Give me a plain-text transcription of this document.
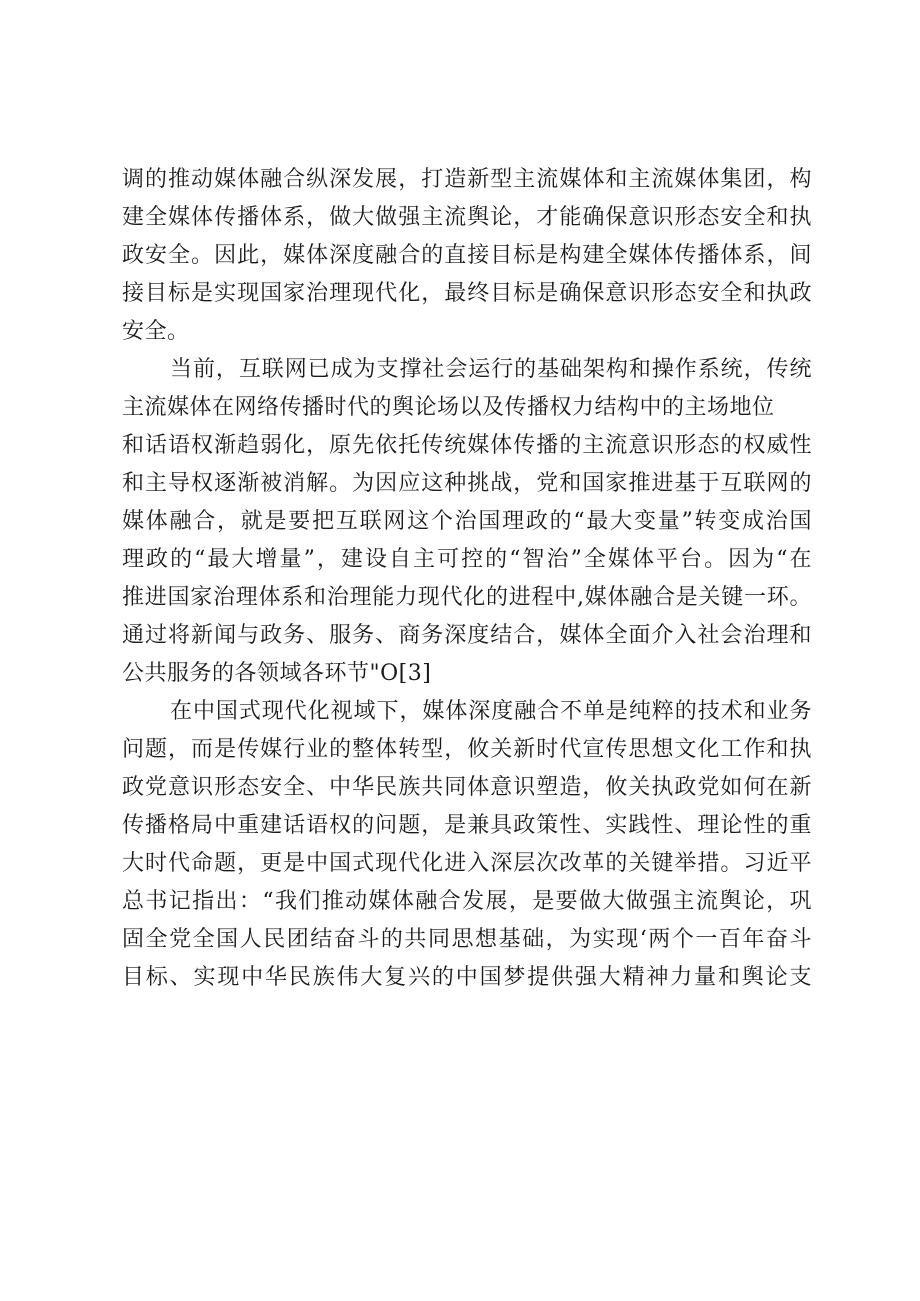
调的推动媒体融合纵深发展，打造新型主流媒体和主流媒体集团，构
建全媒体传播体系，做大做强主流舆论，才能确保意识形态安全和执
政安全。因此，媒体深度融合的直接目标是构建全媒体传播体系，间
接目标是实现国家治理现代化，最终目标是确保意识形态安全和执政
安全。
当前，互联网已成为支撑社会运行的基础架构和操作系统，传统
主流媒体在网络传播时代的舆论场以及传播权力结构中的主场地位
和话语权渐趋弱化，原先依托传统媒体传播的主流意识形态的权威性
和主导权逐渐被消解。为因应这种挑战，党和国家推进基于互联网的
媒体融合，就是要把互联网这个治国理政的“最大变量”转变成治国
理政的“最大增量”，建设自主可控的“智治”全媒体平台。因为“在
推进国家治理体系和治理能力现代化的进程中,媒体融合是关键一环。
通过将新闻与政务、服务、商务深度结合，媒体全面介入社会治理和
公共服务的各领域各环节"O[3]
在中国式现代化视域下，媒体深度融合不单是纯粹的技术和业务
问题，而是传媒行业的整体转型，攸关新时代宣传思想文化工作和执
政党意识形态安全、中华民族共同体意识塑造，攸关执政党如何在新
传播格局中重建话语权的问题，是兼具政策性、实践性、理论性的重
大时代命题，更是中国式现代化进入深层次改革的关键举措。习近平
总书记指出：“我们推动媒体融合发展，是要做大做强主流舆论，巩
固全党全国人民团结奋斗的共同思想基础，为实现‘两个一百年奋斗
目标、实现中华民族伟大复兴的中国梦提供强大精神力量和舆论支
